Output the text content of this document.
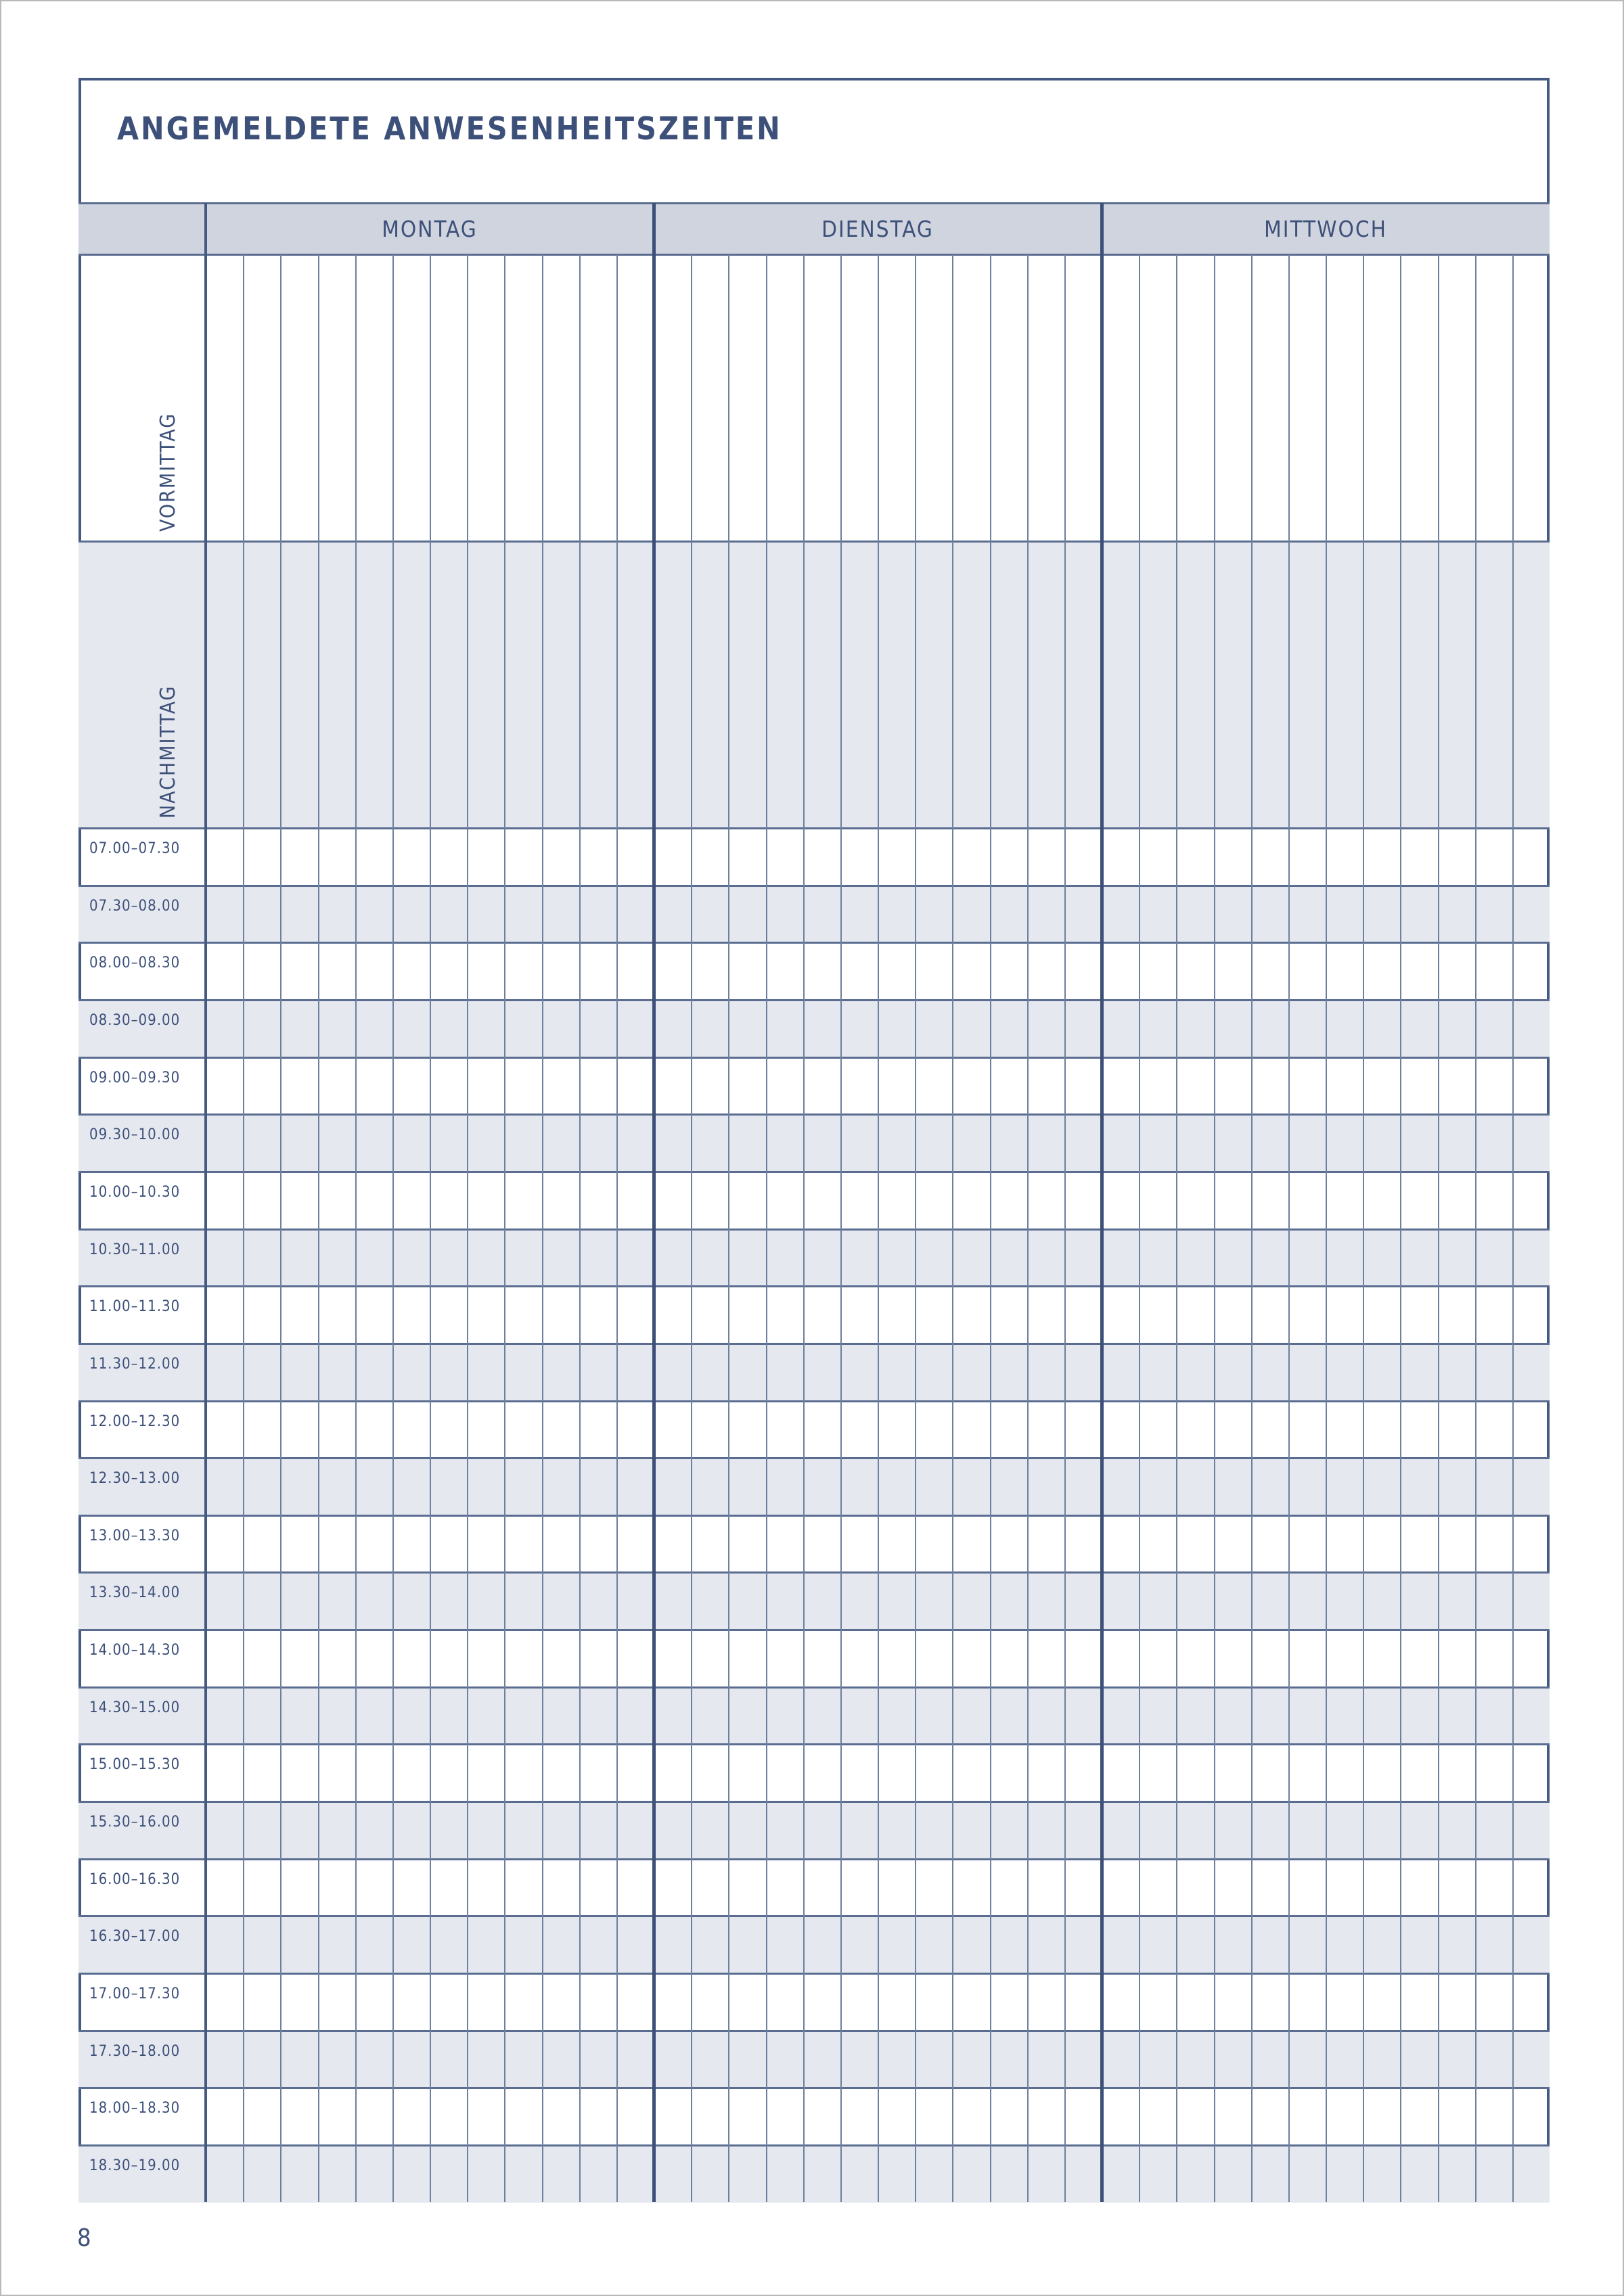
MONTAG	DIENSTAG	MITTWOCH
VORMITTAG
NACHMITTAG
07.00–07.30
07.30–08.00
08.00–08.30
08.30–09.00
09.00–09.30
09.30–10.00
10.00–10.30
10.30–11.00
11.00–11.30
11.30–12.00
12.00–12.30
12.30–13.00
13.00–13.30
13.30–14.00
14.00–14.30
14.30–15.00
15.00–15.30
15.30–16.00
16.00–16.30
16.30–17.00
17.00–17.30
17.30–18.00
18.00–18.30
18.30–19.00
ANGEMELDETE ANWESENHEITSZEITEN
8
